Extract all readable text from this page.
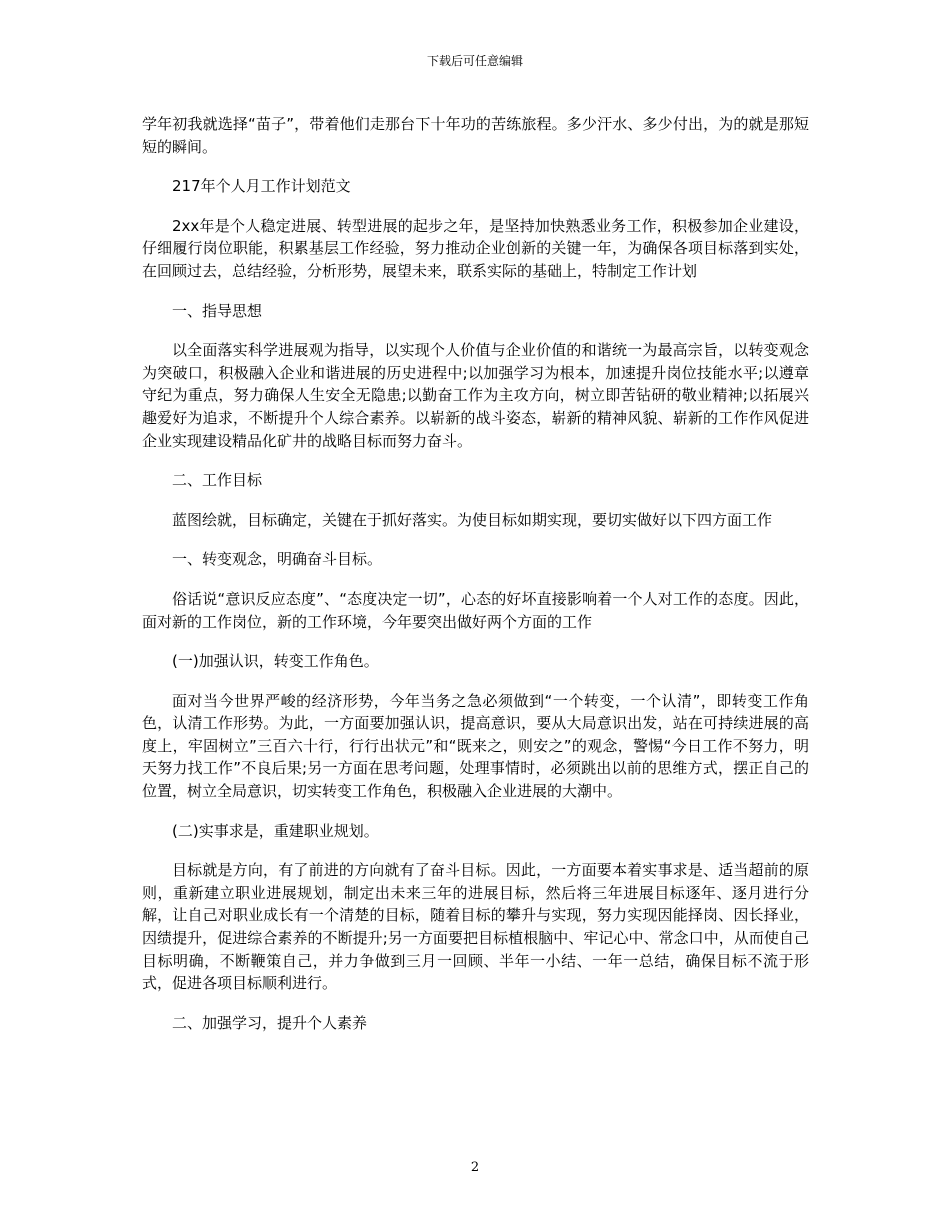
下载后可任意编辑

学年初我就选择“苗子”，带着他们走那台下十年功的苦练旅程。多少汗水、多少付出，为的就是那短短的瞬间。

217年个人月工作计划范文

2xx年是个人稳定进展、转型进展的起步之年，是坚持加快熟悉业务工作，积极参加企业建设，仔细履行岗位职能，积累基层工作经验，努力推动企业创新的关键一年，为确保各项目标落到实处，在回顾过去，总结经验，分析形势，展望未来，联系实际的基础上，特制定工作计划

一、指导思想

以全面落实科学进展观为指导，以实现个人价值与企业价值的和谐统一为最高宗旨，以转变观念为突破口，积极融入企业和谐进展的历史进程中;以加强学习为根本，加速提升岗位技能水平;以遵章守纪为重点，努力确保人生安全无隐患;以勤奋工作为主攻方向，树立即苦钻研的敬业精神;以拓展兴趣爱好为追求，不断提升个人综合素养。以崭新的战斗姿态，崭新的精神风貌、崭新的工作作风促进企业实现建设精品化矿井的战略目标而努力奋斗。

二、工作目标

蓝图绘就，目标确定，关键在于抓好落实。为使目标如期实现，要切实做好以下四方面工作

一、转变观念，明确奋斗目标。

俗话说“意识反应态度”、“态度决定一切”，心态的好坏直接影响着一个人对工作的态度。因此，面对新的工作岗位，新的工作环境，今年要突出做好两个方面的工作

(一)加强认识，转变工作角色。

面对当今世界严峻的经济形势，今年当务之急必须做到“一个转变，一个认清”，即转变工作角色，认清工作形势。为此，一方面要加强认识，提高意识，要从大局意识出发，站在可持续进展的高度上，牢固树立”三百六十行，行行出状元”和“既来之，则安之”的观念，警惕“今日工作不努力，明天努力找工作”不良后果;另一方面在思考问题，处理事情时，必须跳出以前的思维方式，摆正自己的位置，树立全局意识，切实转变工作角色，积极融入企业进展的大潮中。

(二)实事求是，重建职业规划。

目标就是方向，有了前进的方向就有了奋斗目标。因此，一方面要本着实事求是、适当超前的原则，重新建立职业进展规划，制定出未来三年的进展目标，然后将三年进展目标逐年、逐月进行分解，让自己对职业成长有一个清楚的目标，随着目标的攀升与实现，努力实现因能择岗、因长择业，因绩提升，促进综合素养的不断提升;另一方面要把目标植根脑中、牢记心中、常念口中，从而使自己目标明确，不断鞭策自己，并力争做到三月一回顾、半年一小结、一年一总结，确保目标不流于形式，促进各项目标顺利进行。

二、加强学习，提升个人素养

2
